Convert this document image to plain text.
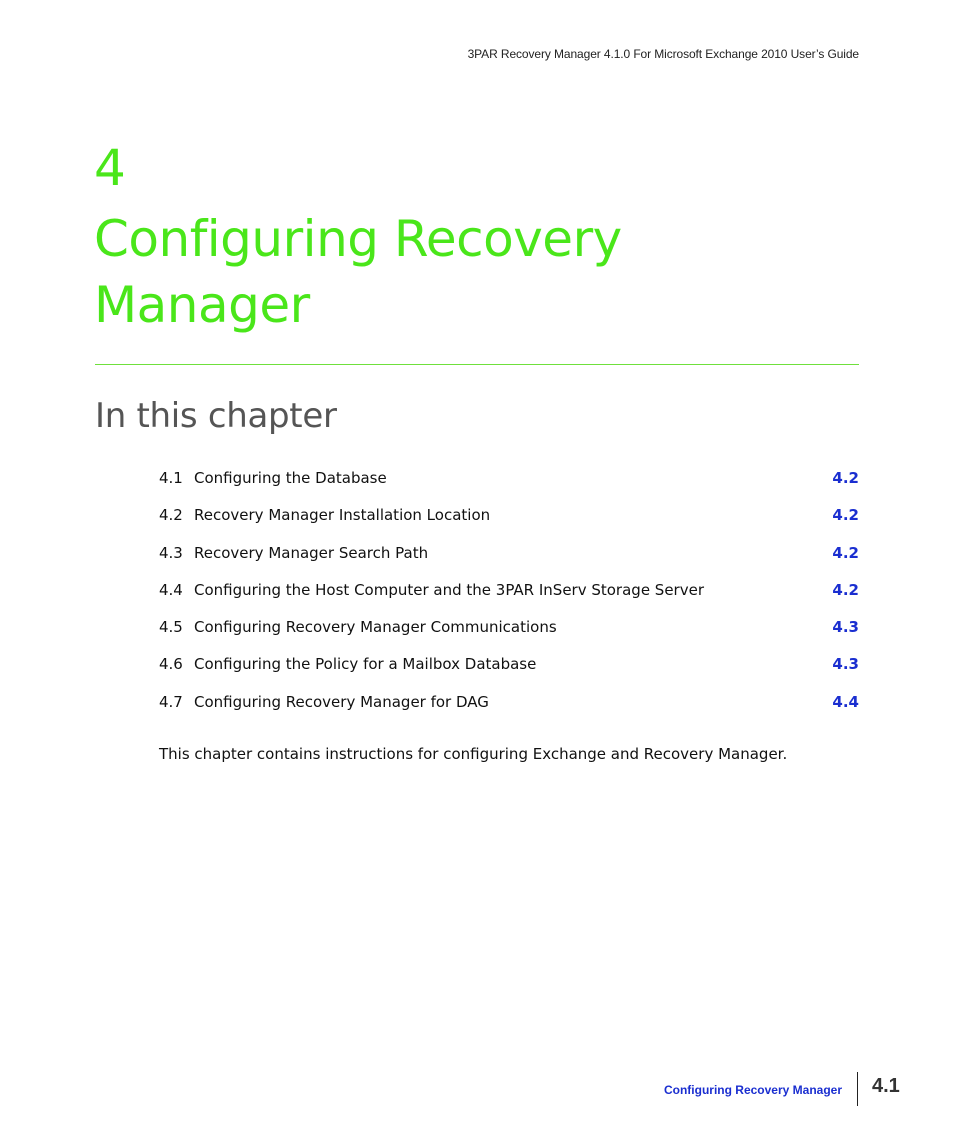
3PAR Recovery Manager 4.1.0 For Microsoft Exchange 2010 User’s Guide
4
Configuring Recovery Manager
In this chapter
4.1 Configuring the Database	4.2
4.2 Recovery Manager Installation Location	4.2
4.3 Recovery Manager Search Path	4.2
4.4 Configuring the Host Computer and the 3PAR InServ Storage Server	4.2
4.5 Configuring Recovery Manager Communications	4.3
4.6 Configuring the Policy for a Mailbox Database	4.3
4.7 Configuring Recovery Manager for DAG	4.4

This chapter contains instructions for configuring Exchange and Recovery Manager.

Configuring Recovery Manager 4.1
